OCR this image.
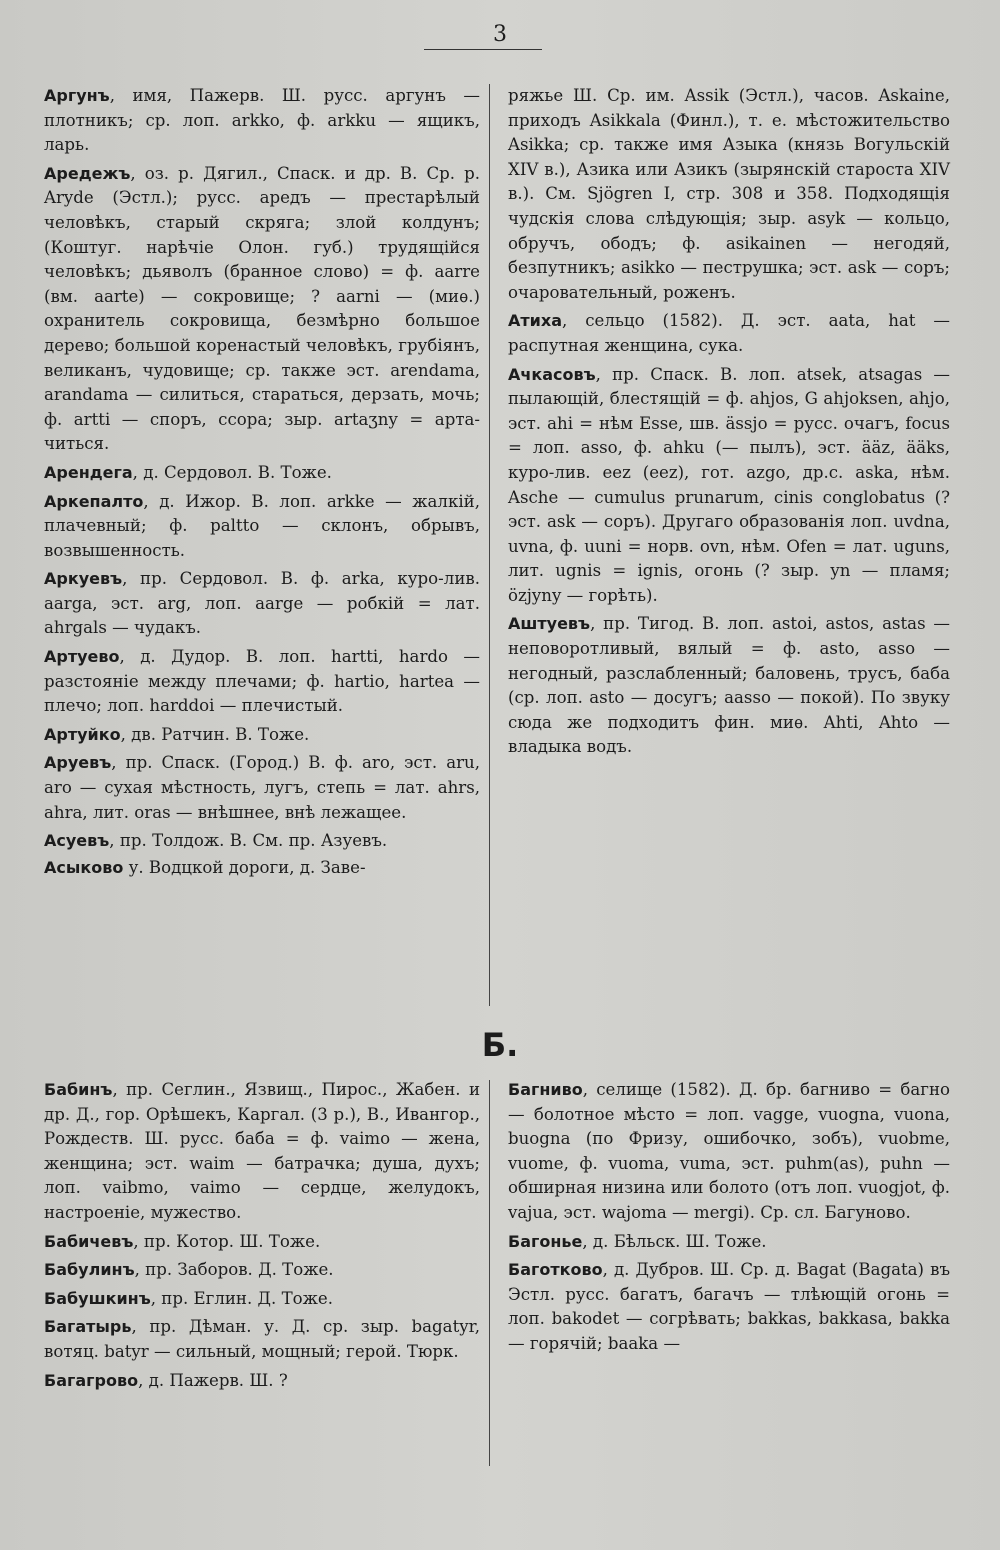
3

Аргунъ, имя, Пажерв. Ш. русс. аргунъ — плотникъ; ср. лоп. arkko, ф. arkku — ящикъ, ларь.

Аредежъ, оз. р. Дягил., Спаск. и др. В. Ср. р. Aryde (Эстл.); русс. аредъ — престарѣлый человѣкъ, старый скряга; злой колдунъ; (Коштуг. нарѣчіе Олон. губ.) трудящійся человѣкъ; дьяволъ (бранное слово) = ф. aarre (вм. aarte) — сокровище; ? aarni — (миѳ.) охранитель сокровища, безмѣрно большое дерево; большой коренастый человѣкъ, грубіянъ, великанъ, чудовище; ср. также эст. arendama, arandama — силиться, стараться, дерзать, мочь; ф. artti — споръ, ссора; зыр. artaʒny = арта-читься.

Арендега, д. Сердовол. В. Тоже.

Аркепалто, д. Ижор. В. лоп. arkke — жалкій, плачевный; ф. paltto — склонъ, обрывъ, возвышенность.

Аркуевъ, пр. Сердовол. В. ф. arka, куро-лив. aarga, эст. arg, лоп. aarge — робкій = лат. ahrgals — чудакъ.

Артуево, д. Дудор. В. лоп. hartti, hardo — разстояніе между плечами; ф. hartio, hartea — плечо; лоп. harddoi — плечистый.

Артуйко, дв. Ратчин. В. Тоже.

Аруевъ, пр. Спаск. (Город.) В. ф. aro, эст. aru, aro — сухая мѣстность, лугъ, степь = лат. ahrs, ahra, лит. oras — внѣшнее, внѣ лежащее.

Асуевъ, пр. Толдож. В. См. пр. Азуевъ.

Асыково у. Водцкой дороги, д. Заве-

ряжье Ш. Ср. им. Assik (Эстл.), часов. Askaine, приходъ Asikkala (Финл.), т. е. мѣстожительство Asikka; ср. также имя Азыка (князь Вогульскій XIV в.), Азика или Азикъ (зырянскій староста XIV в.). См. Sjögren I, стр. 308 и 358. Подходящія чудскія слова слѣдующія; зыр. asyk — кольцо, обручъ, ободъ; ф. asikainen — негодяй, безпутникъ; asikko — пеструшка; эст. ask — соръ; очаровательный, роженъ.

Атиха, сельцо (1582). Д. эст. aata, hat — распутная женщина, сука.

Ачкасовъ, пр. Спаск. В. лоп. atsek, atsagas — пылающій, блестящій = ф. ahjos, G ahjoksen, ahjo, эст. ahi = нѣм Esse, шв. ässjo = русс. очагъ, focus = лоп. asso, ф. ahku (— пылъ), эст. ääz, ääks, куро-лив. eez (eez), гот. azgo, др.с. aska, нѣм. Asche — cumulus prunarum, cinis conglobatus (? эст. ask — соръ). Другаго образованія лоп. uvdna, uvna, ф. uuni = норв. ovn, нѣм. Ofen = лат. uguns, лит. ugnis = ignis, огонь (? зыр. yn — пламя; özjyny — горѣть).

Аштуевъ, пр. Тигод. В. лоп. astoi, astos, astas — неповоротливый, вялый = ф. asto, asso — негодный, разслабленный; баловень, трусъ, баба (ср. лоп. asto — досугъ; aasso — покой). По звуку сюда же подходитъ фин. миѳ. Ahti, Ahto — владыка водъ.

Б.

Бабинъ, пр. Сеглин., Язвищ., Пирос., Жабен. и др. Д., гор. Орѣшекъ, Каргал. (3 р.), В., Ивангор., Рождеств. Ш. русс. баба = ф. vaimo — жена, женщина; эст. waim — батрачка; душа, духъ; лоп. vaibmo, vaimo — сердце, желудокъ, настроеніе, мужество.

Бабичевъ, пр. Котор. Ш. Тоже.

Бабулинъ, пр. Заборов. Д. Тоже.

Бабушкинъ, пр. Еглин. Д. Тоже.

Багатырь, пр. Дѣман. у. Д. ср. зыр. bagatyr, вотяц. batyr — сильный, мощный; герой. Тюрк.

Багагрово, д. Пажерв. Ш. ?

Багниво, селище (1582). Д. бр. багниво = багно — болотное мѣсто = лоп. vagge, vuogna, vuona, buogna (по Фризу, ошибочко, зобъ), vuobme, vuome, ф. vuoma, vuma, эст. puhm(as), puhn — обширная низина или болото (отъ лоп. vuogjot, ф. vajua, эст. wajoma — mergi). Ср. сл. Багуново.

Багонье, д. Бѣльск. Ш. Тоже.

Баготково, д. Дубров. Ш. Ср. д. Bagat (Bagata) въ Эстл. русс. багатъ, багачъ — тлѣющій огонь = лоп. bakodet — согрѣвать; bakkas, bakkasa, bakka — горячій; baaka —
